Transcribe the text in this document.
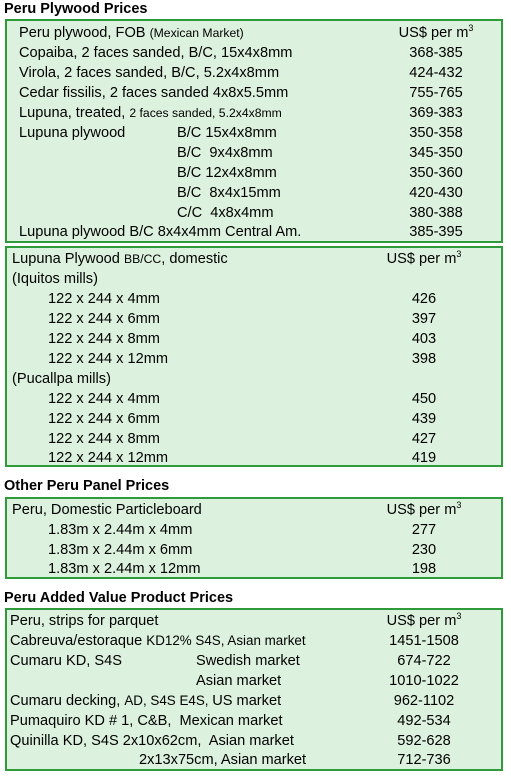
Peru Plywood Prices
Peru plywood, FOB (Mexican Market)	US$ per $m^3$
Copaiba, 2 faces sanded, B/C, 15x4x8mm	368-385
Virola, 2 faces sanded, B/C, 5.2x4x8mm	424-432
Cedar fissilis, 2 faces sanded 4x8x5.5mm	755-765
Lupuna, treated, 2 faces sanded, 5.2x4x8mm	369-383
Lupuna plywood	B/C 15x4x8mm	350-358
B/C  9x4x8mm	345-350
B/C 12x4x8mm	350-360
B/C  8x4x15mm	420-430
C/C  4x8x4mm	380-388
Lupuna plywood B/C 8x4x4mm Central Am.	385-395
Lupuna Plywood BB/CC, domestic	US$ per $m^3$
(Iquitos mills)
122 x 244 x 4mm	426
122 x 244 x 6mm	397
122 x 244 x 8mm	403
122 x 244 x 12mm	398
(Pucallpa mills)
122 x 244 x 4mm	450
122 x 244 x 6mm	439
122 x 244 x 8mm	427
122 x 244 x 12mm	419
Other Peru Panel Prices
Peru, Domestic Particleboard	US$ per $m^3$
1.83m x 2.44m x 4mm	277
1.83m x 2.44m x 6mm	230
1.83m x 2.44m x 12mm	198
Peru Added Value Product Prices
Peru, strips for parquet	US$ per $m^3$
Cabreuva/estoraque KD12% S4S, Asian market	1451-1508
Cumaru KD, S4S	Swedish market	674-722
Asian market	1010-1022
Cumaru decking, AD, S4S E4S, US market	962-1102
Pumaquiro KD # 1, C&B,  Mexican market	492-534
Quinilla KD, S4S 2x10x62cm,  Asian market	592-628
2x13x75cm, Asian market	712-736
